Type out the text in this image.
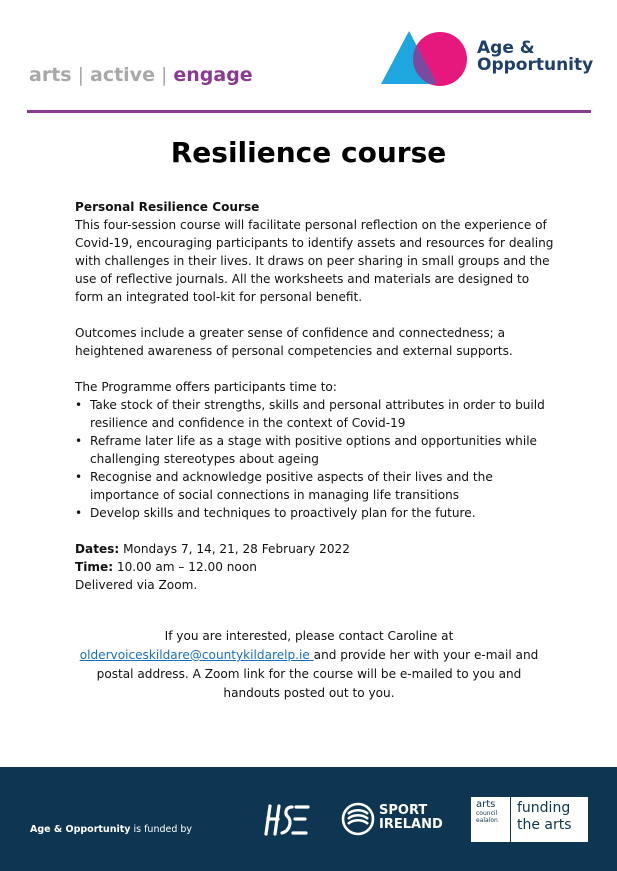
arts | active | engage
Age &
Opportunity
Resilience course

Personal Resilience Course

This four-session course will facilitate personal reflection on the experience of Covid-19, encouraging participants to identify assets and resources for dealing with challenges in their lives. It draws on peer sharing in small groups and the use of reflective journals. All the worksheets and materials are designed to form an integrated tool-kit for personal benefit.

Outcomes include a greater sense of confidence and connectedness; a heightened awareness of personal competencies and external supports.

The Programme offers participants time to:

• Take stock of their strengths, skills and personal attributes in order to build resilience and confidence in the context of Covid-19
• Reframe later life as a stage with positive options and opportunities while challenging stereotypes about ageing
• Recognise and acknowledge positive aspects of their lives and the importance of social connections in managing life transitions
• Develop skills and techniques to proactively plan for the future.

Dates: Mondays 7, 14, 21, 28 February 2022

Time: 10.00 am – 12.00 noon

Delivered via Zoom.

If you are interested, please contact Caroline at

oldervoiceskildare@countykildarelp.ie and provide her with your e-mail and postal address. A Zoom link for the course will be e-mailed to you and handouts posted out to you.

Age & Opportunity is funded by
SPORT
IRELAND
arts
council
ealaíon
funding
the arts
